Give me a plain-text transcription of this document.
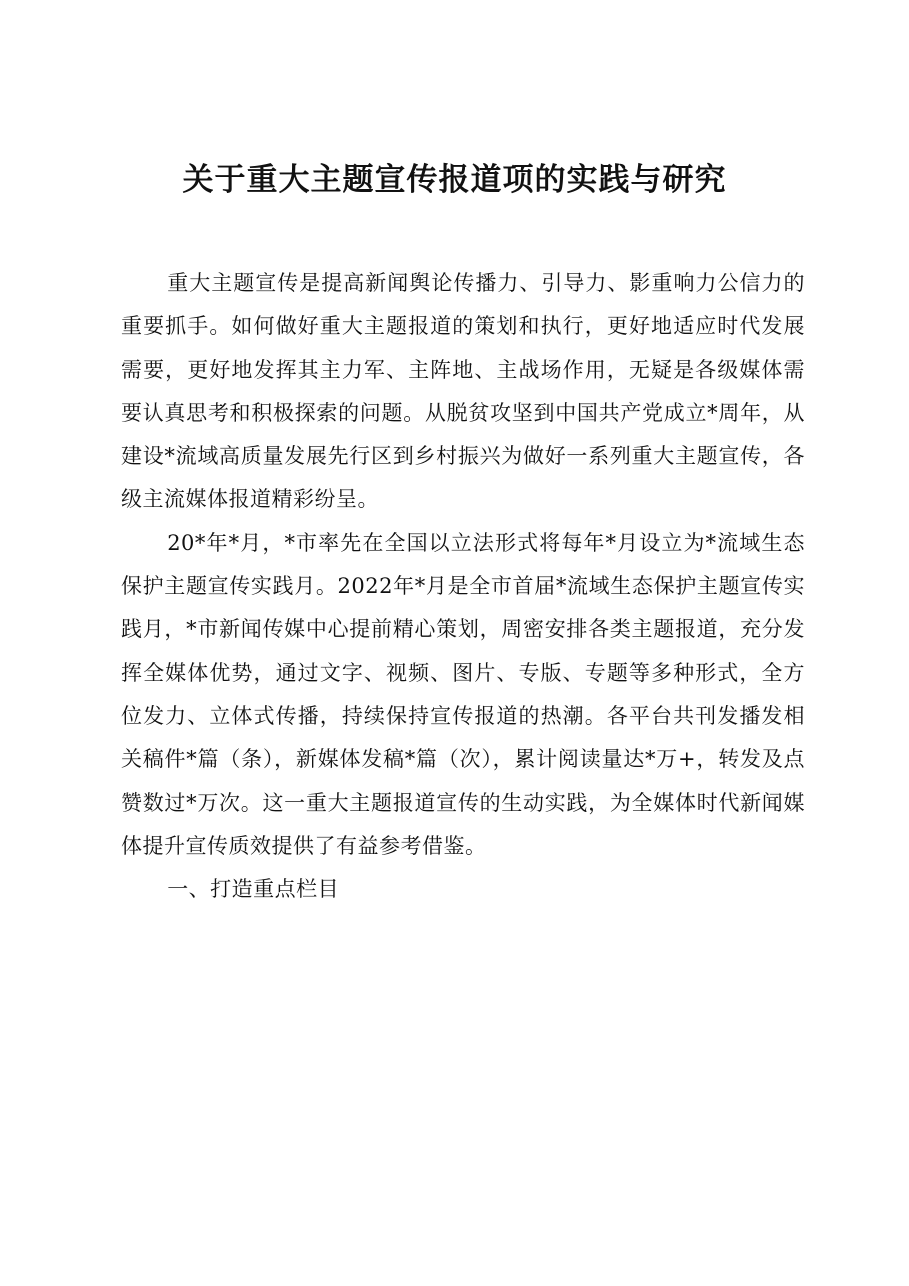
关于重大主题宣传报道项的实践与研究

重大主题宣传是提高新闻舆论传播力、引导力、影重响力公信力的重要抓手。如何做好重大主题报道的策划和执行，更好地适应时代发展需要，更好地发挥其主力军、主阵地、主战场作用，无疑是各级媒体需要认真思考和积极探索的问题。从脱贫攻坚到中国共产党成立*周年，从建设*流域高质量发展先行区到乡村振兴为做好一系列重大主题宣传，各级主流媒体报道精彩纷呈。

20*年*月，*市率先在全国以立法形式将每年*月设立为*流域生态保护主题宣传实践月。2022年*月是全市首届*流域生态保护主题宣传实践月，*市新闻传媒中心提前精心策划，周密安排各类主题报道，充分发挥全媒体优势，通过文字、视频、图片、专版、专题等多种形式，全方位发力、立体式传播，持续保持宣传报道的热潮。各平台共刊发播发相关稿件*篇（条），新媒体发稿*篇（次），累计阅读量达*万+，转发及点赞数过*万次。这一重大主题报道宣传的生动实践，为全媒体时代新闻媒体提升宣传质效提供了有益参考借鉴。

一、打造重点栏目
